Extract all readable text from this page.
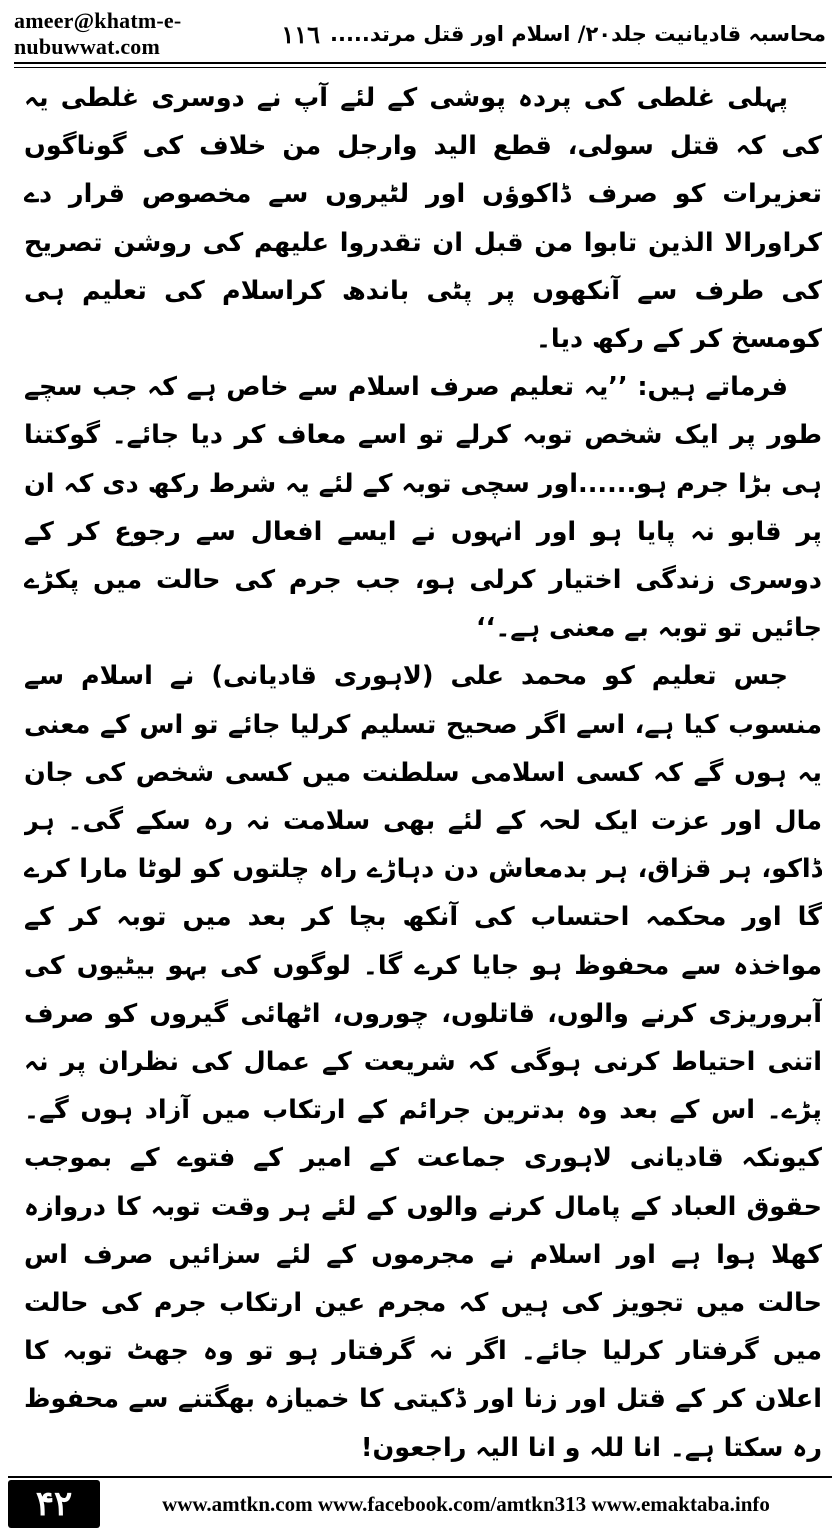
ameer@khatm-e-nubuwwat.com	۱۱٦ محاسبہ قادیانیت جلد۲۰/ اسلام اور قتل مرتد.....

پہلی غلطی کی پردہ پوشی کے لئے آپ نے دوسری غلطی یہ کی کہ قتل سولی، قطع الید وارجل من خلاف کی گوناگوں تعزیرات کو صرف ڈاکوؤں اور لٹیروں سے مخصوص قرار دے کراورالا الذین تابوا من قبل ان تقدروا علیھم کی روشن تصریح کی طرف سے آنکھوں پر پٹی باندھ کراسلام کی تعلیم ہی کومسخ کر کے رکھ دیا۔

فرماتے ہیں: ’’یہ تعلیم صرف اسلام سے خاص ہے کہ جب سچے طور پر ایک شخص توبہ کرلے تو اسے معاف کر دیا جائے۔ گوکتنا ہی بڑا جرم ہو......اور سچی توبہ کے لئے یہ شرط رکھ دی کہ ان پر قابو نہ پایا ہو اور انہوں نے ایسے افعال سے رجوع کر کے دوسری زندگی اختیار کرلی ہو، جب جرم کی حالت میں پکڑے جائیں تو توبہ بے معنی ہے۔‘‘

جس تعلیم کو محمد علی (لاہوری قادیانی) نے اسلام سے منسوب کیا ہے، اسے اگر صحیح تسلیم کرلیا جائے تو اس کے معنی یہ ہوں گے کہ کسی اسلامی سلطنت میں کسی شخص کی جان مال اور عزت ایک لحہ کے لئے بھی سلامت نہ رہ سکے گی۔ ہر ڈاکو، ہر قزاق، ہر بدمعاش دن دہاڑے راہ چلتوں کو لوٹا مارا کرے گا اور محکمہ احتساب کی آنکھ بچا کر بعد میں توبہ کر کے مواخذہ سے محفوظ ہو جایا کرے گا۔ لوگوں کی بہو بیٹیوں کی آبروریزی کرنے والوں، قاتلوں، چوروں، اٹھائی گیروں کو صرف اتنی احتیاط کرنی ہوگی کہ شریعت کے عمال کی نظران پر نہ پڑے۔ اس کے بعد وہ بدترین جرائم کے ارتکاب میں آزاد ہوں گے۔ کیونکہ قادیانی لاہوری جماعت کے امیر کے فتوے کے بموجب حقوق العباد کے پامال کرنے والوں کے لئے ہر وقت توبہ کا دروازہ کھلا ہوا ہے اور اسلام نے مجرموں کے لئے سزائیں صرف اس حالت میں تجویز کی ہیں کہ مجرم عین ارتکاب جرم کی حالت میں گرفتار کرلیا جائے۔ اگر نہ گرفتار ہو تو وہ جھٹ توبہ کا اعلان کر کے قتل اور زنا اور ڈکیتی کا خمیازہ بھگتنے سے محفوظ رہ سکتا ہے۔ انا للہ و انا الیہ راجعون!

۴۲	www.amtkn.com www.facebook.com/amtkn313 www.emaktaba.info
